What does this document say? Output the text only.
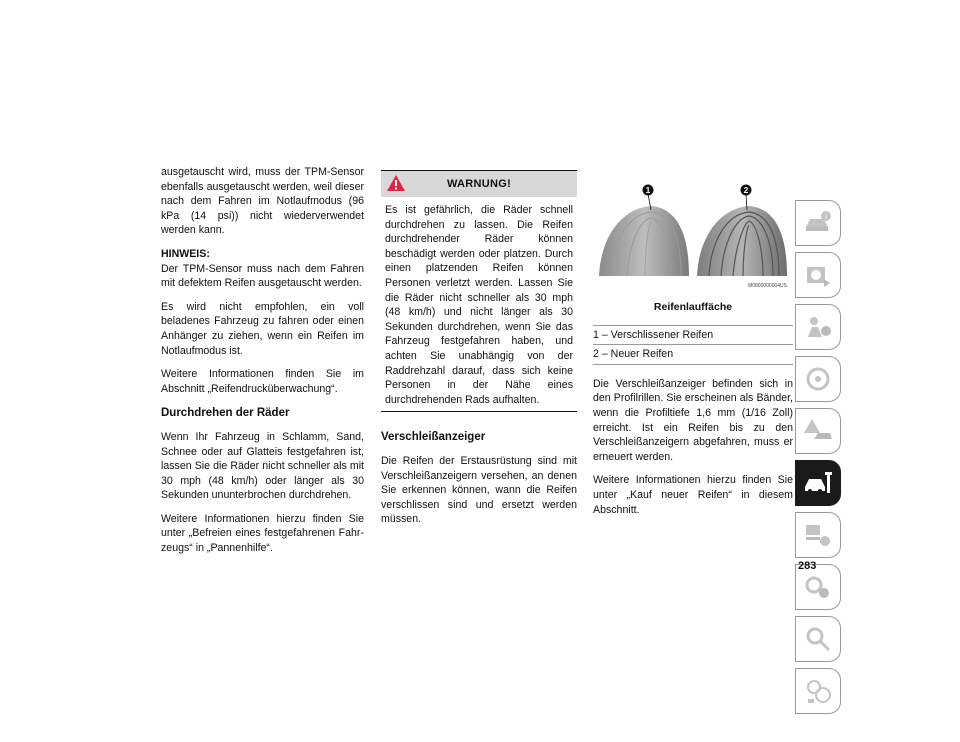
ausgetauscht wird, muss der TPM-Sensor ebenfalls ausgetauscht werden, weil dieser nach dem Fahren im Notlaufmodus (96 kPa (14 psi)) nicht wiederverwendet werden kann.

HINWEIS:

Der TPM-Sensor muss nach dem Fahren mit defektem Reifen ausgetauscht werden.

Es wird nicht empfohlen, ein voll beladenes Fahrzeug zu fahren oder einen Anhänger zu ziehen, wenn ein Reifen im Notlaufmodus ist.

Weitere Informationen finden Sie im Abschnitt „Reifendrucküberwachung“.

Durchdrehen der Räder

Wenn Ihr Fahrzeug in Schlamm, Sand, Schnee oder auf Glatteis festgefahren ist, lassen Sie die Räder nicht schneller als mit 30 mph (48 km/h) oder länger als 30 Sekunden ununterbrochen durchdrehen.

Weitere Informationen hierzu finden Sie unter „Befreien eines festgefahrenen Fahr-zeugs“ in „Pannenhilfe“.

WARNUNG!

Es ist gefährlich, die Räder schnell durchdrehen zu lassen. Die Reifen durchdrehender Räder können beschädigt werden oder platzen. Durch einen platzenden Reifen können Personen verletzt werden. Lassen Sie die Räder nicht schneller als 30 mph (48 km/h) und nicht länger als 30 Sekunden durchdrehen, wenn Sie das Fahrzeug festgefahren haben, und achten Sie unabhängig von der Raddrehzahl darauf, dass sich keine Personen in der Nähe eines durchdrehenden Rads aufhalten.

Verschleißanzeiger

Die Reifen der Erstausrüstung sind mit Verschleißanzeigern versehen, an denen Sie erkennen können, wann die Reifen verschlissen sind und ersetzt werden müssen.

1	2
M0800000004US
Reifenlauffäche
1 – Verschlissener Reifen
2 – Neuer Reifen

Die Verschleißanzeiger befinden sich in den Profilrillen. Sie erscheinen als Bänder, wenn die Profiltiefe 1,6 mm (1/16 Zoll) erreicht. Ist ein Reifen bis zu den Verschleißanzeigern abgefahren, muss er erneuert werden.

Weitere Informationen hierzu finden Sie unter „Kauf neuer Reifen“ in diesem Abschnitt.

i
283
